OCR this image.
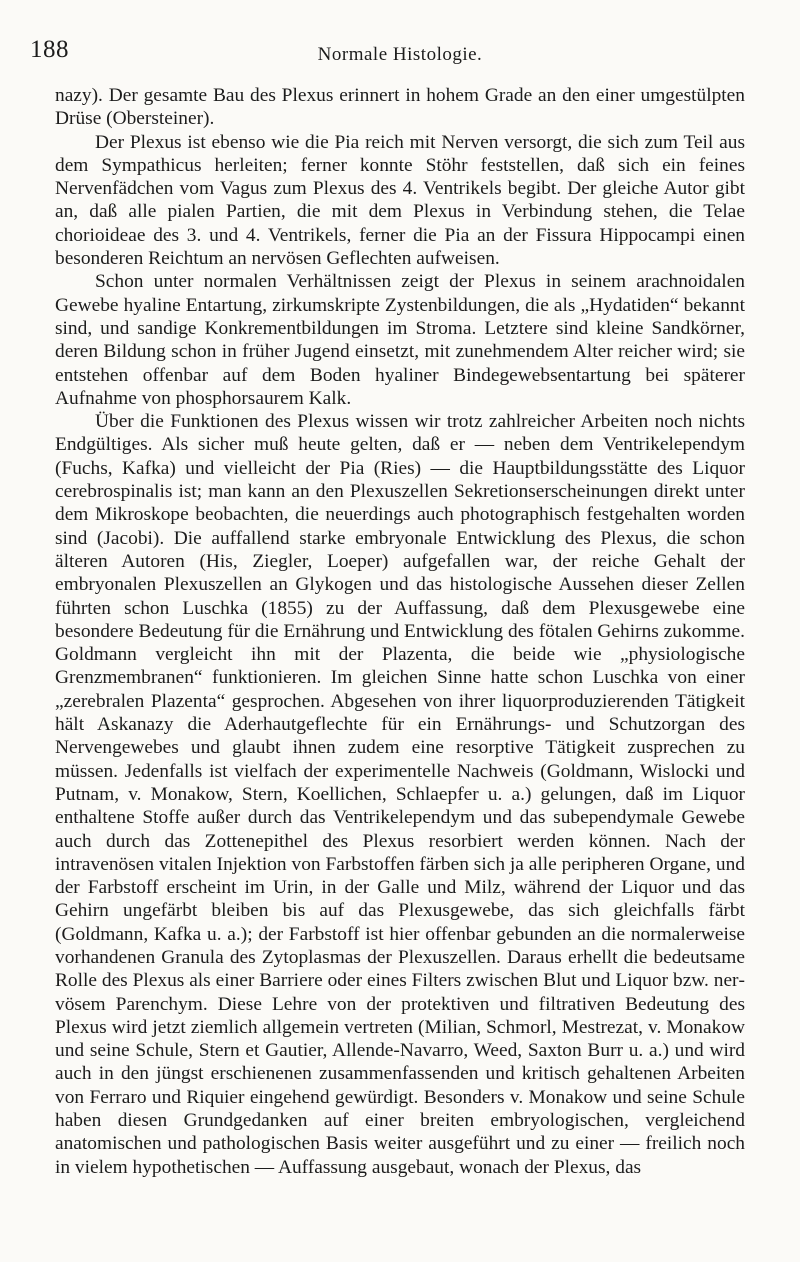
188	Normale Histologie.

nazy). Der gesamte Bau des Plexus erinnert in hohem Grade an den einer umgestülpten Drüse (Obersteiner).

Der Plexus ist ebenso wie die Pia reich mit Nerven versorgt, die sich zum Teil aus dem Sympathicus herleiten; ferner konnte Stöhr feststellen, daß sich ein feines Nervenfädchen vom Vagus zum Plexus des 4. Ventrikels begibt. Der gleiche Autor gibt an, daß alle pialen Partien, die mit dem Plexus in Verbindung stehen, die Telae chorioideae des 3. und 4. Ventrikels, ferner die Pia an der Fissura Hippocampi einen besonderen Reichtum an nervösen Geflechten aufweisen.

Schon unter normalen Verhältnissen zeigt der Plexus in seinem arachnoidalen Gewebe hyaline Entartung, zirkumskripte Zystenbildungen, die als „Hydatiden“ bekannt sind, und sandige Konkrementbildungen im Stroma. Letztere sind kleine Sandkörner, deren Bildung schon in früher Jugend einsetzt, mit zunehmendem Alter reicher wird; sie entstehen offenbar auf dem Boden hyaliner Bindegewebsentartung bei späterer Aufnahme von phosphorsaurem Kalk.

Über die Funktionen des Plexus wissen wir trotz zahlreicher Arbeiten noch nichts Endgültiges. Als sicher muß heute gelten, daß er — neben dem Ventrikelependym (Fuchs, Kafka) und vielleicht der Pia (Ries) — die Hauptbildungsstätte des Liquor cerebrospinalis ist; man kann an den Plexuszellen Sekretionserscheinungen direkt unter dem Mikroskope beobachten, die neuerdings auch photographisch festgehalten worden sind (Jacobi). Die auffallend starke embryonale Entwicklung des Plexus, die schon älteren Autoren (His, Ziegler, Loeper) aufgefallen war, der reiche Gehalt der embryonalen Plexuszellen an Glykogen und das histologische Aussehen dieser Zellen führten schon Luschka (1855) zu der Auffassung, daß dem Plexusgewebe eine besondere Bedeutung für die Ernährung und Entwicklung des fötalen Gehirns zukomme. Goldmann vergleicht ihn mit der Plazenta, die beide wie „physiologische Grenzmembranen“ funktionieren. Im gleichen Sinne hatte schon Luschka von einer „zerebralen Plazenta“ gesprochen. Abgesehen von ihrer liquorproduzierenden Tätigkeit hält Askanazy die Aderhautgeflechte für ein Ernährungs- und Schutzorgan des Nervengewebes und glaubt ihnen zudem eine resorptive Tätigkeit zusprechen zu müssen. Jedenfalls ist vielfach der experimentelle Nachweis (Goldmann, Wislocki und Putnam, v. Monakow, Stern, Koellichen, Schlaepfer u. a.) gelungen, daß im Liquor enthaltene Stoffe außer durch das Ventrikelependym und das subependymale Gewebe auch durch das Zottenepithel des Plexus resorbiert werden können. Nach der intravenösen vitalen Injektion von Farbstoffen färben sich ja alle peripheren Organe, und der Farbstoff erscheint im Urin, in der Galle und Milz, während der Liquor und das Gehirn ungefärbt bleiben bis auf das Plexusgewebe, das sich gleichfalls färbt (Goldmann, Kafka u. a.); der Farbstoff ist hier offenbar gebunden an die normalerweise vorhandenen Granula des Zytoplasmas der Plexuszellen. Daraus erhellt die bedeutsame Rolle des Plexus als einer Barriere oder eines Filters zwischen Blut und Liquor bzw. nervösem Parenchym. Diese Lehre von der protektiven und filtrativen Bedeutung des Plexus wird jetzt ziemlich allgemein vertreten (Milian, Schmorl, Mestrezat, v. Monakow und seine Schule, Stern et Gautier, Allende-Navarro, Weed, Saxton Burr u. a.) und wird auch in den jüngst erschienenen zusammenfassenden und kritisch gehaltenen Arbeiten von Ferraro und Riquier eingehend gewürdigt. Besonders v. Monakow und seine Schule haben diesen Grundgedanken auf einer breiten embryologischen, vergleichend anatomischen und pathologischen Basis weiter ausgeführt und zu einer — freilich noch in vielem hypothetischen — Auffassung ausgebaut, wonach der Plexus, das
